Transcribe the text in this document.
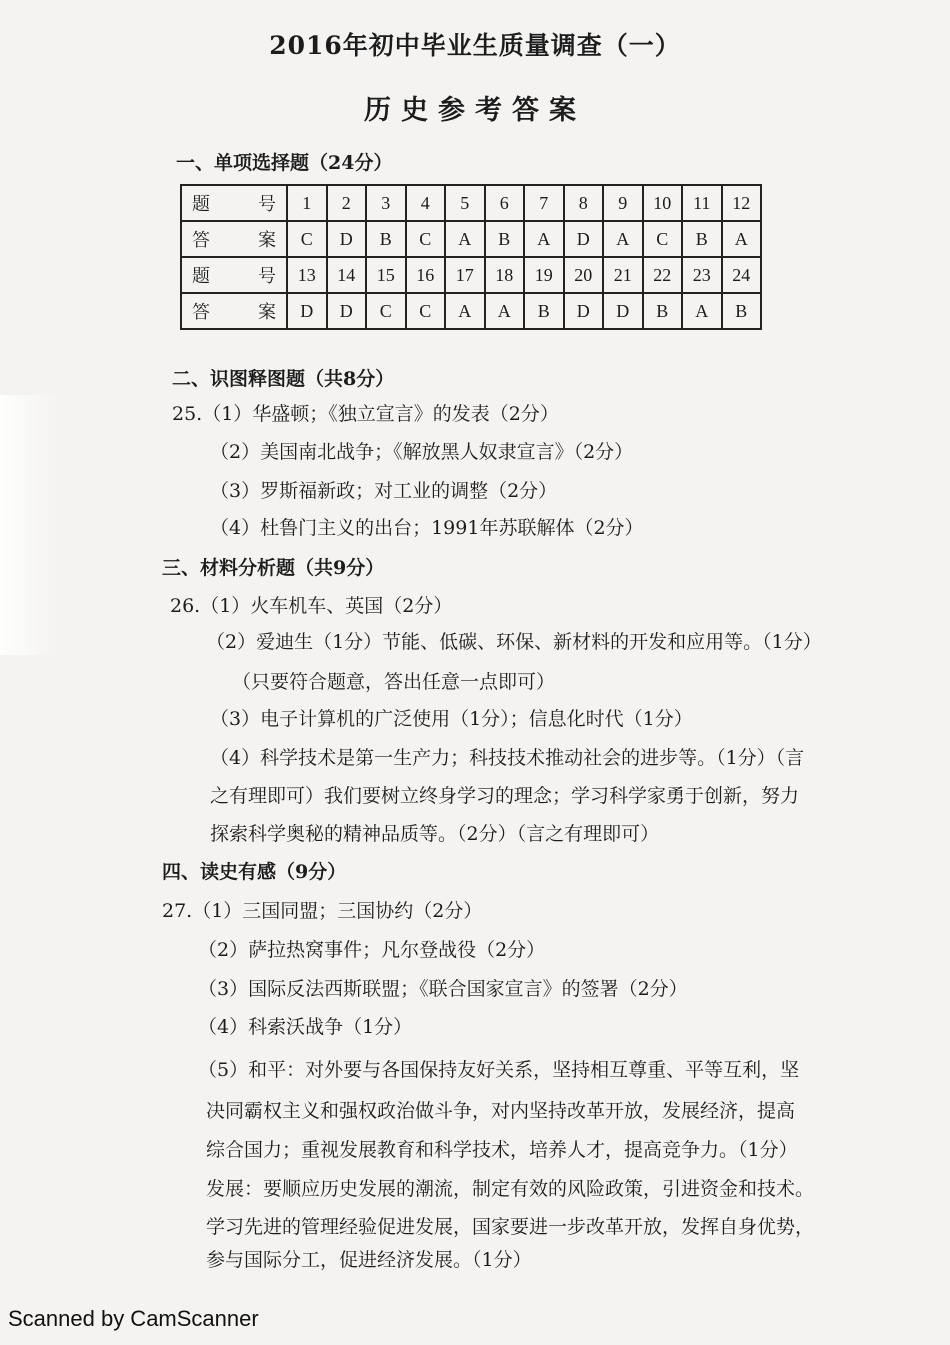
2016年初中毕业生质量调查（一）
历史参考答案
一、单项选择题（24分）
题　号	1	2	3	4	5	6	7	8	9	10	11	12
答　案	C	D	B	C	A	B	A	D	A	C	B	A
题　号	13	14	15	16	17	18	19	20	21	22	23	24
答　案	D	D	C	C	A	A	B	D	D	B	A	B
二、识图释图题（共8分）
25.（1）华盛顿；《独立宣言》的发表（2分）
（2）美国南北战争；《解放黑人奴隶宣言》（2分）
（3）罗斯福新政；对工业的调整（2分）
（4）杜鲁门主义的出台；1991年苏联解体（2分）
三、材料分析题（共9分）
26.（1）火车机车、英国（2分）
（2）爱迪生（1分）节能、低碳、环保、新材料的开发和应用等。（1分）
（只要符合题意，答出任意一点即可）
（3）电子计算机的广泛使用（1分）；信息化时代（1分）
（4）科学技术是第一生产力；科技技术推动社会的进步等。（1分）（言
之有理即可）我们要树立终身学习的理念；学习科学家勇于创新，努力
探索科学奥秘的精神品质等。（2分）（言之有理即可）
四、读史有感（9分）
27.（1）三国同盟；三国协约（2分）
（2）萨拉热窝事件；凡尔登战役（2分）
（3）国际反法西斯联盟；《联合国家宣言》的签署（2分）
（4）科索沃战争（1分）
（5）和平：对外要与各国保持友好关系，坚持相互尊重、平等互利，坚
决同霸权主义和强权政治做斗争，对内坚持改革开放，发展经济，提高
综合国力；重视发展教育和科学技术，培养人才，提高竞争力。（1分）
发展：要顺应历史发展的潮流，制定有效的风险政策，引进资金和技术。
学习先进的管理经验促进发展，国家要进一步改革开放，发挥自身优势，
参与国际分工，促进经济发展。（1分）
Scanned by CamScanner
